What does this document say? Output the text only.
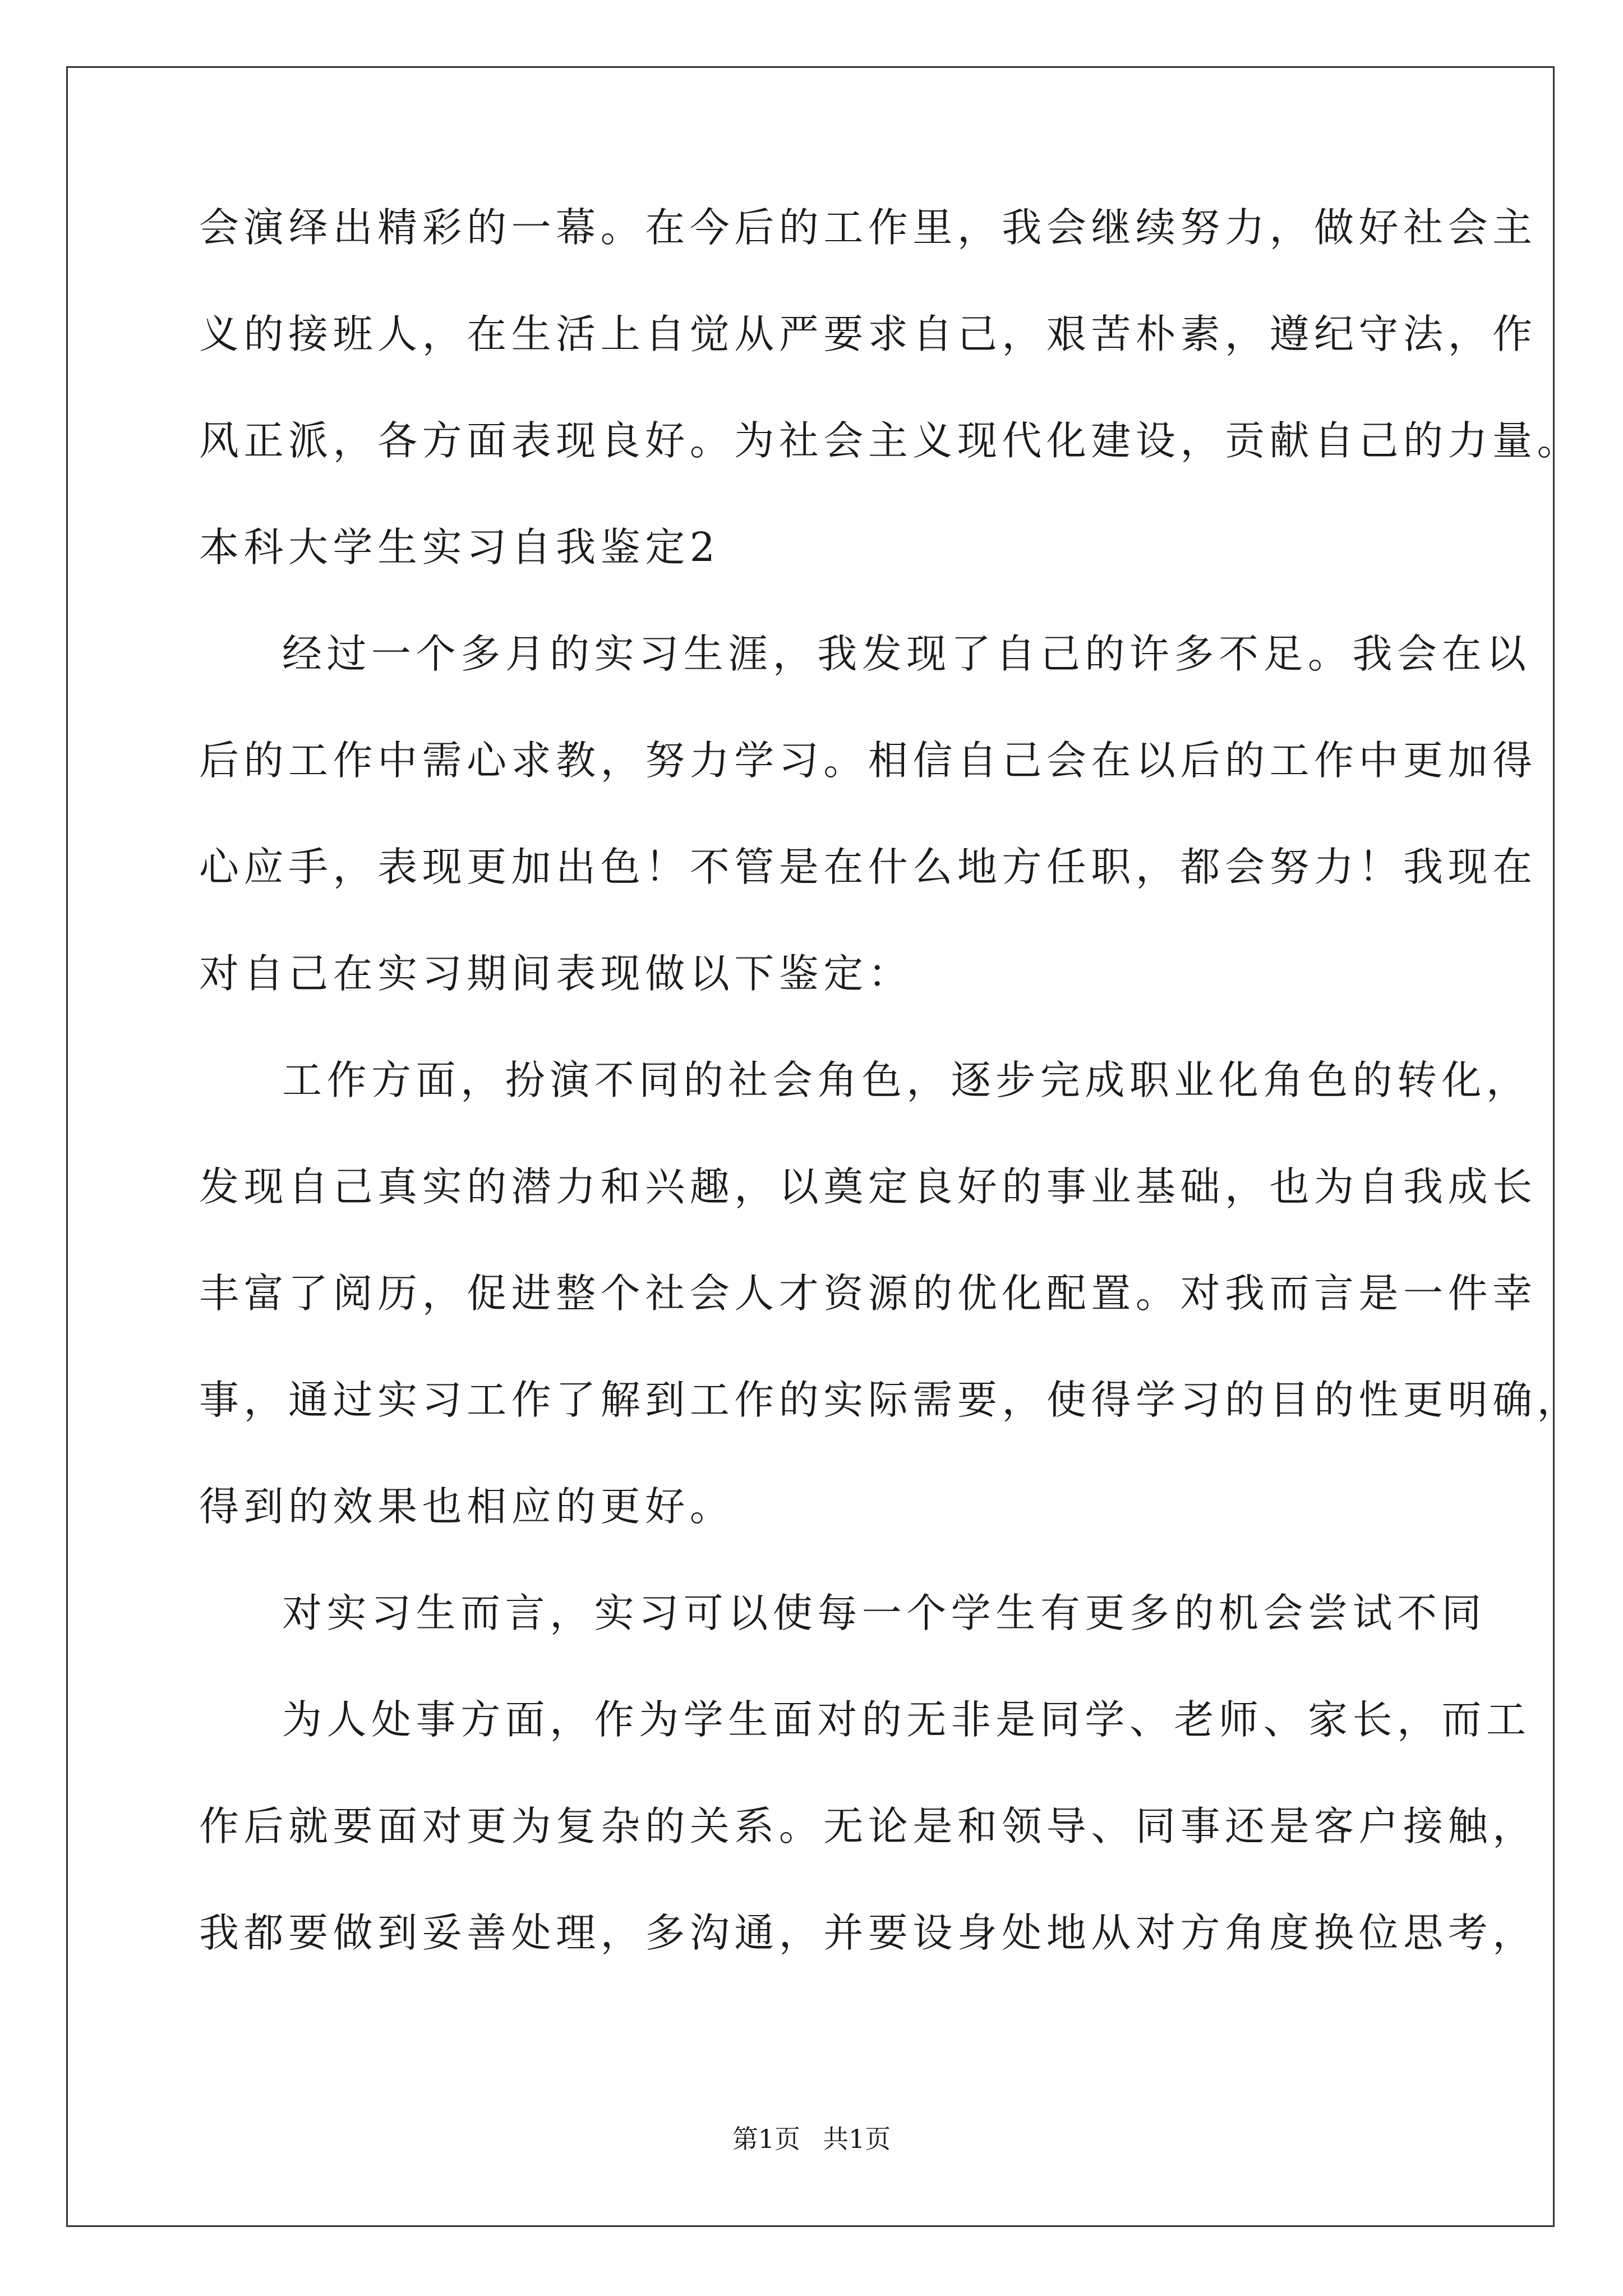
会演绎出精彩的一幕。在今后的工作里，我会继续努力，做好社会主

义的接班人，在生活上自觉从严要求自己，艰苦朴素，遵纪守法，作

风正派，各方面表现良好。为社会主义现代化建设，贡献自己的力量。

本科大学生实习自我鉴定2

经过一个多月的实习生涯，我发现了自己的许多不足。我会在以

后的工作中需心求教，努力学习。相信自己会在以后的工作中更加得

心应手，表现更加出色！不管是在什么地方任职，都会努力！我现在

对自己在实习期间表现做以下鉴定：

工作方面，扮演不同的社会角色，逐步完成职业化角色的转化，

发现自己真实的潜力和兴趣，以奠定良好的事业基础，也为自我成长

丰富了阅历，促进整个社会人才资源的优化配置。对我而言是一件幸

事，通过实习工作了解到工作的实际需要，使得学习的目的性更明确，

得到的效果也相应的更好。

对实习生而言，实习可以使每一个学生有更多的机会尝试不同

为人处事方面，作为学生面对的无非是同学、老师、家长，而工

作后就要面对更为复杂的关系。无论是和领导、同事还是客户接触，

我都要做到妥善处理，多沟通，并要设身处地从对方角度换位思考，

第1页 共1页
